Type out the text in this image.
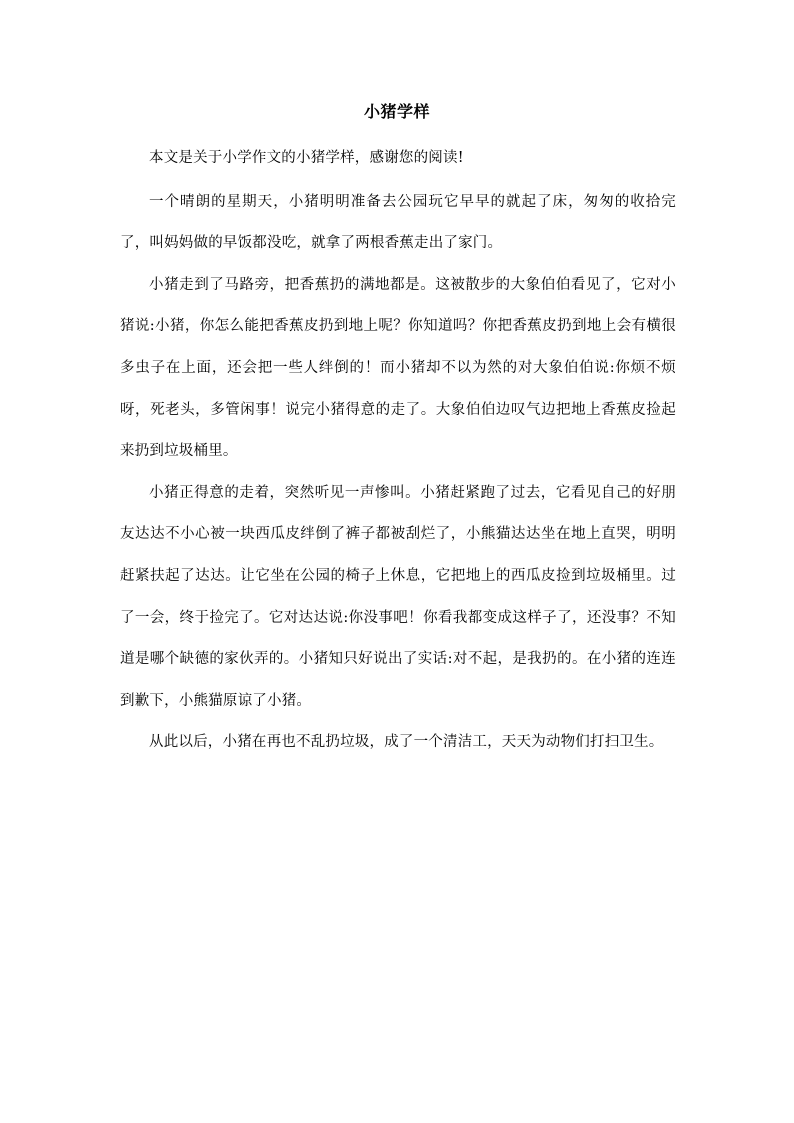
小猪学样

本文是关于小学作文的小猪学样，感谢您的阅读!

一个晴朗的星期天，小猪明明准备去公园玩它早早的就起了床，匆匆的收拾完了，叫妈妈做的早饭都没吃，就拿了两根香蕉走出了家门。

小猪走到了马路旁，把香蕉扔的满地都是。这被散步的大象伯伯看见了，它对小猪说:小猪，你怎么能把香蕉皮扔到地上呢？你知道吗？你把香蕉皮扔到地上会有横很多虫子在上面，还会把一些人绊倒的！而小猪却不以为然的对大象伯伯说:你烦不烦呀，死老头，多管闲事！说完小猪得意的走了。大象伯伯边叹气边把地上香蕉皮捡起来扔到垃圾桶里。

小猪正得意的走着，突然听见一声惨叫。小猪赶紧跑了过去，它看见自己的好朋友达达不小心被一块西瓜皮绊倒了裤子都被刮烂了，小熊猫达达坐在地上直哭，明明赶紧扶起了达达。让它坐在公园的椅子上休息，它把地上的西瓜皮捡到垃圾桶里。过了一会，终于捡完了。它对达达说:你没事吧！你看我都变成这样子了，还没事？不知道是哪个缺德的家伙弄的。小猪知只好说出了实话:对不起，是我扔的。在小猪的连连到歉下，小熊猫原谅了小猪。

从此以后，小猪在再也不乱扔垃圾，成了一个清洁工，天天为动物们打扫卫生。
